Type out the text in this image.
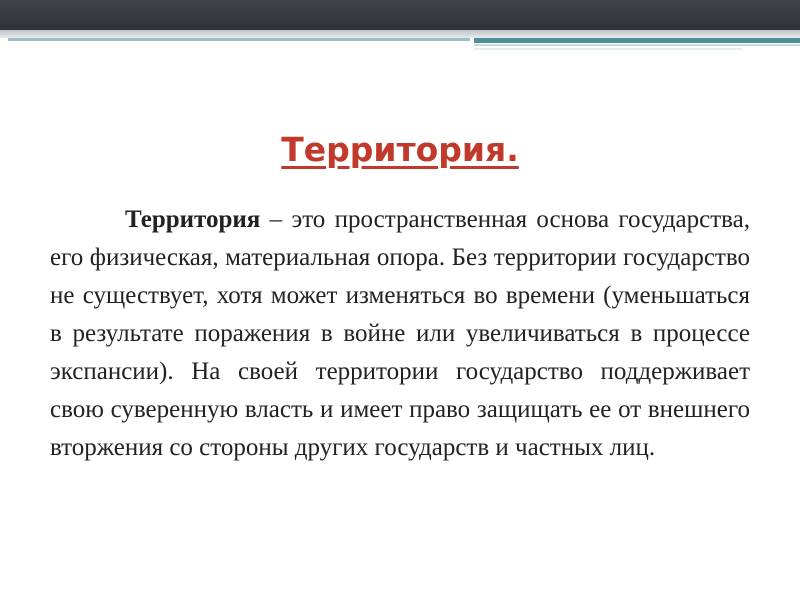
Территория.

Территория – это пространственная основа государства, его физическая, материальная опора. Без территории государство не существует, хотя может изменяться во времени (уменьшаться в результате поражения в войне или увеличиваться в процессе экспансии). На своей территории государство поддерживает свою суверенную власть и имеет право защищать ее от внешнего вторжения со стороны других государств и частных лиц.
